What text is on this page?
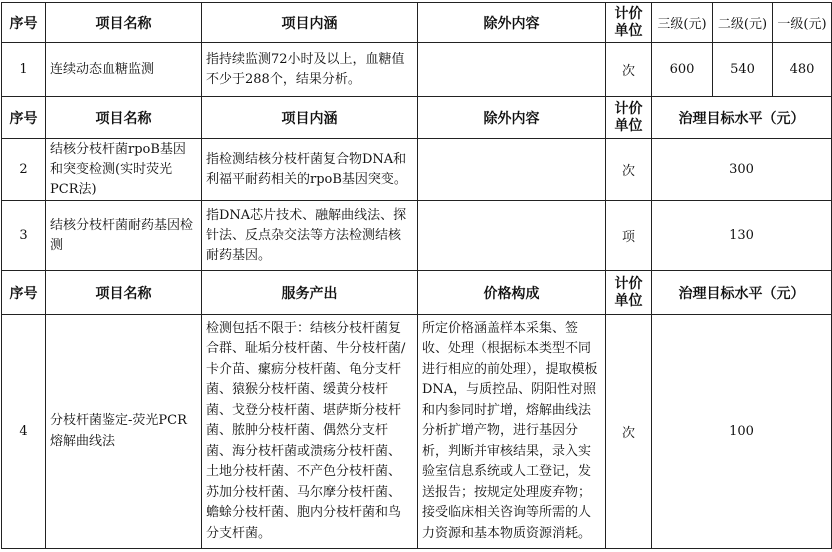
序号	项目名称	项目内涵	除外内容	计价单位	三级(元)	二级(元)	一级(元)
1	连续动态血糖监测	指持续监测72小时及以上，血糖值不少于288个，结果分析。		次	600	540	480
序号	项目名称	项目内涵	除外内容	计价单位	治理目标水平（元）		
2	结核分枝杆菌rpoB基因和突变检测(实时荧光PCR法)	指检测结核分枝杆菌复合物DNA和利福平耐药相关的rpoB基因突变。		次	300		
3	结核分枝杆菌耐药基因检测	指DNA芯片技术、融解曲线法、探针法、反点杂交法等方法检测结核耐药基因。		项	130		
序号	项目名称	服务产出	价格构成	计价单位	治理目标水平（元）		
4	分枝杆菌鉴定-荧光PCR熔解曲线法	检测包括不限于：结核分枝杆菌复合群、耻垢分枝杆菌、牛分枝杆菌/卡介苗、瘰疬分枝杆菌、龟分支杆菌、猿猴分枝杆菌、缓黄分枝杆菌、戈登分枝杆菌、堪萨斯分枝杆菌、脓肿分枝杆菌、偶然分支杆菌、海分枝杆菌或溃疡分枝杆菌、土地分枝杆菌、不产色分枝杆菌、苏加分枝杆菌、马尔摩分枝杆菌、蟾蜍分枝杆菌、胞内分枝杆菌和鸟分支杆菌。	所定价格涵盖样本采集、签收、处理（根据标本类型不同进行相应的前处理），提取模板DNA，与质控品、阴阳性对照和内参同时扩增，熔解曲线法分析扩增产物，进行基因分析，判断并审核结果，录入实验室信息系统或人工登记，发送报告；按规定处理废弃物；接受临床相关咨询等所需的人力资源和基本物质资源消耗。	次	100		
